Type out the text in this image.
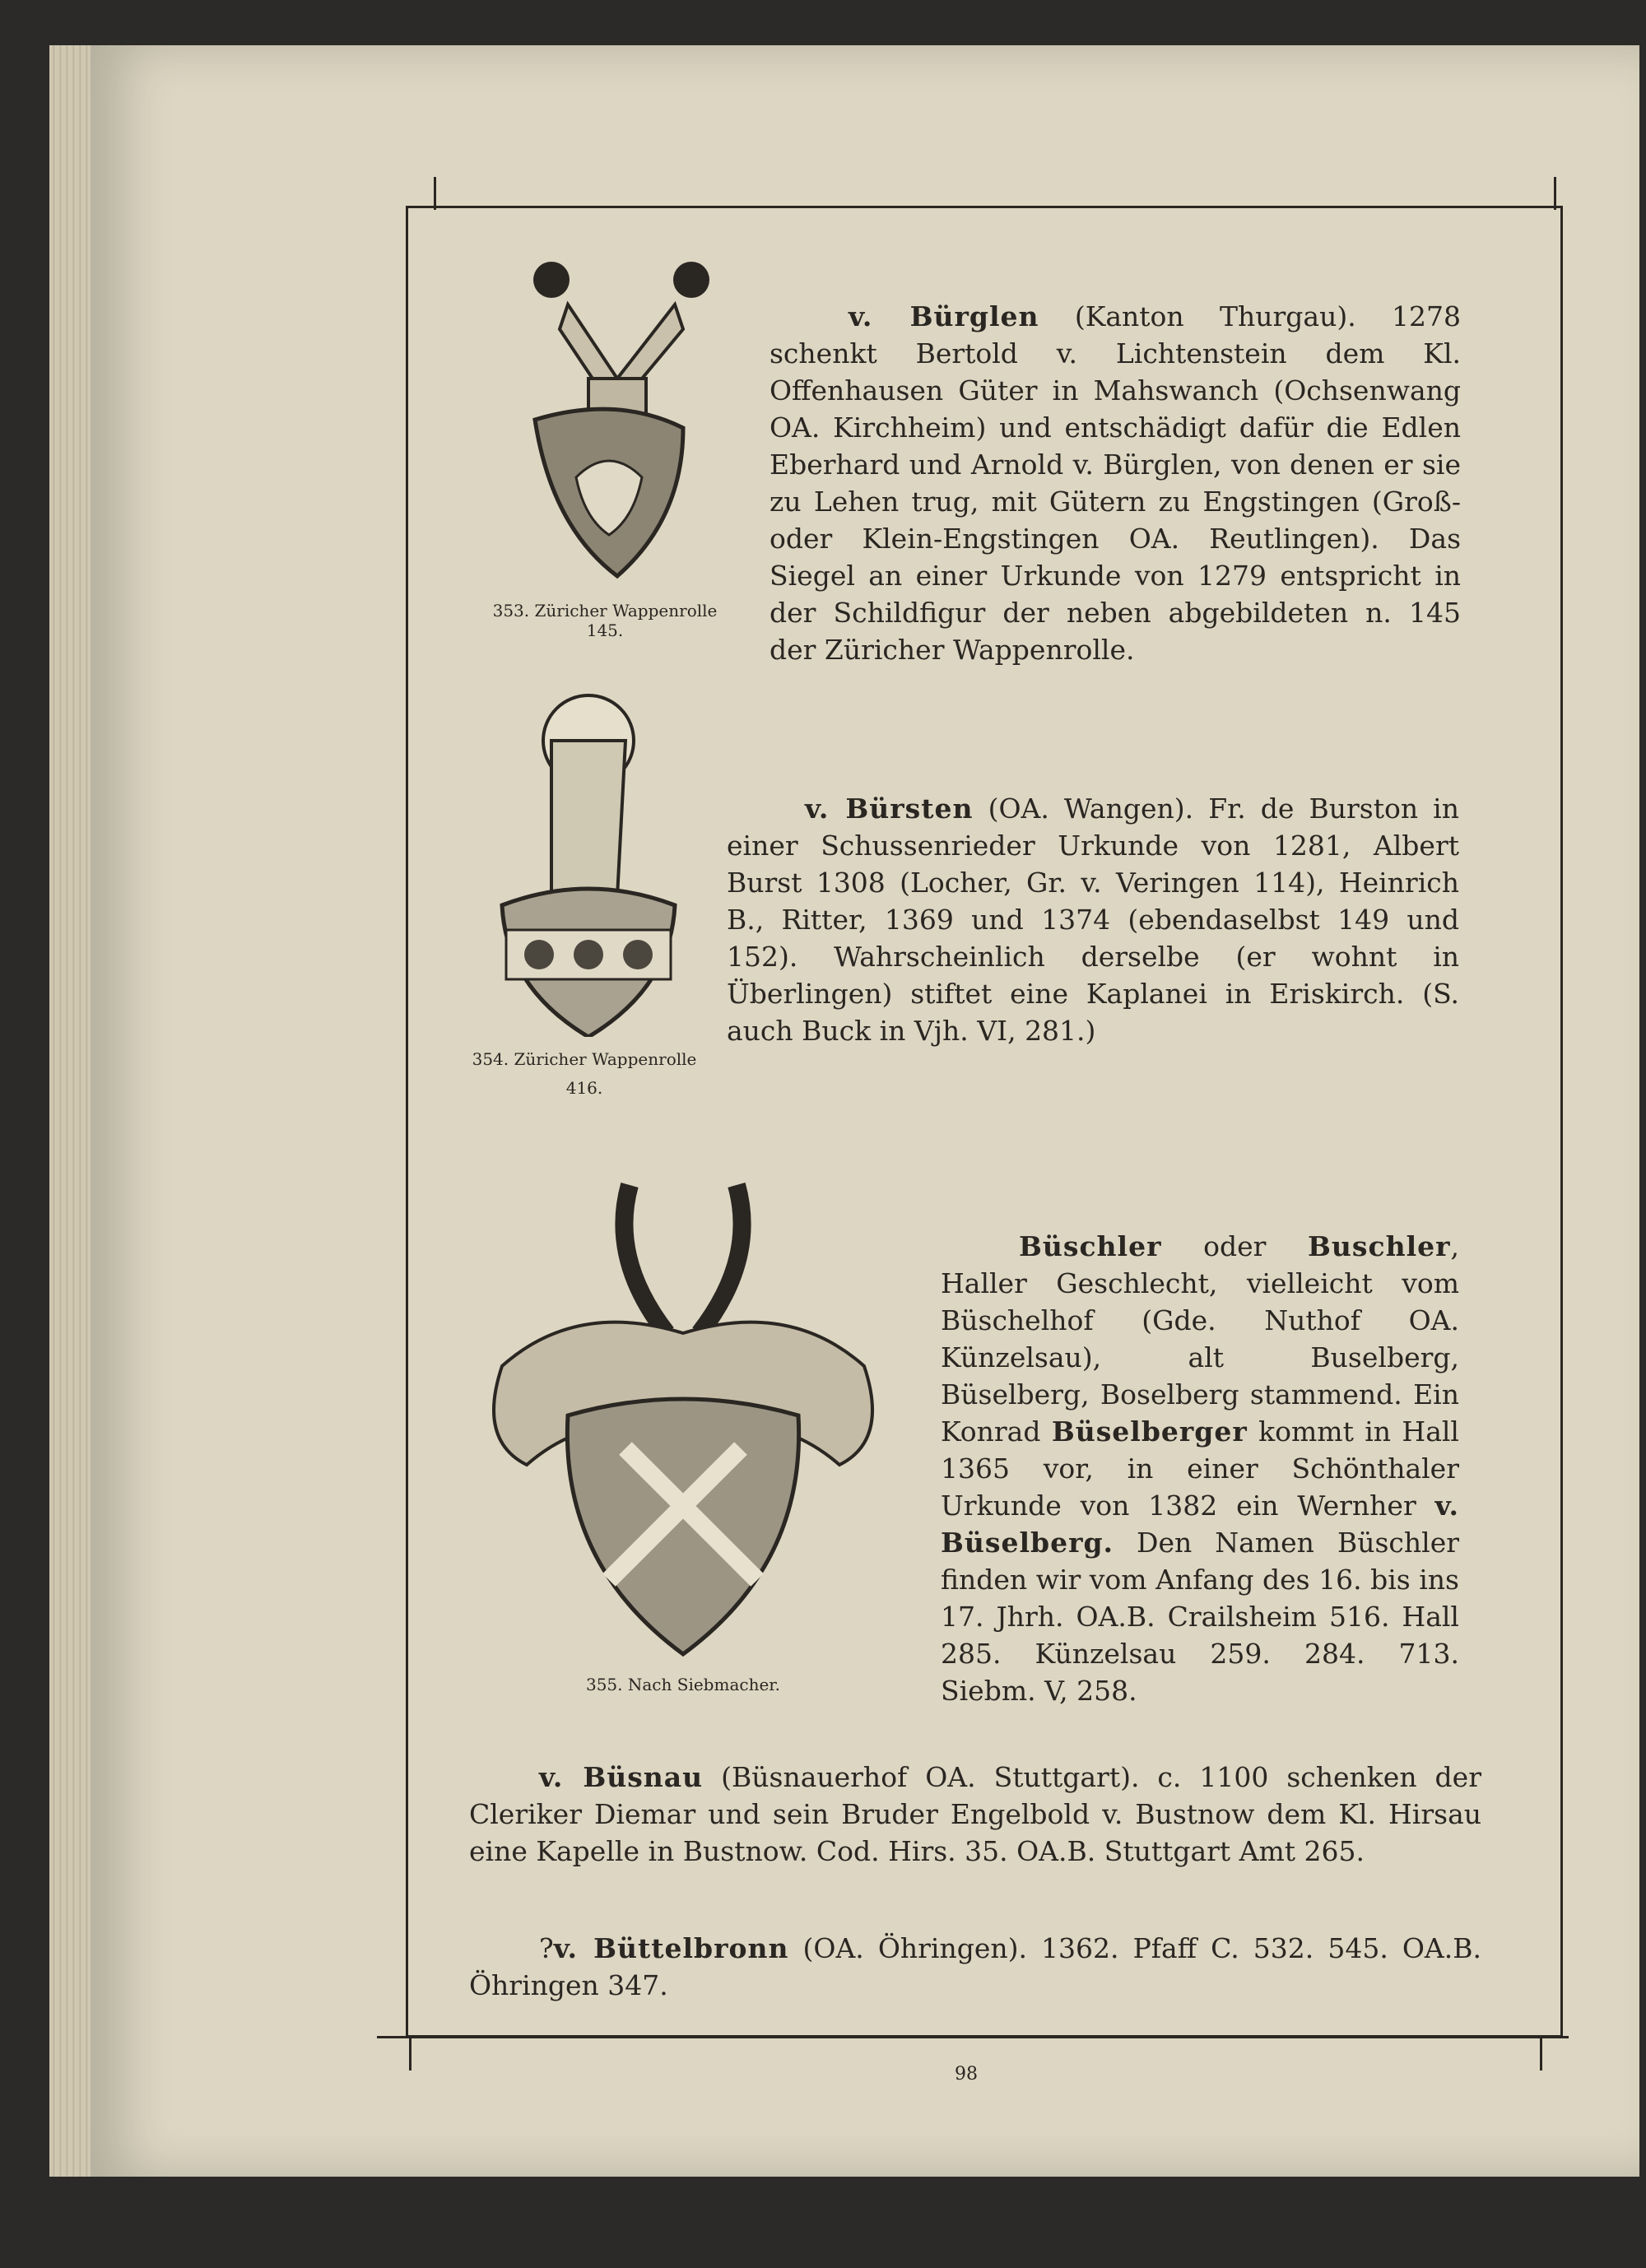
353. Züricher Wappenrolle 145.
354. Züricher Wappenrolle
416.
355. Nach Siebmacher.
v. Bürglen (Kanton Thurgau). 1278 schenkt Bertold v. Lichtenstein dem Kl. Offenhausen Güter in Mahswanch (Ochsenwang OA. Kirchheim) und entschädigt dafür die Edlen Eberhard und Arnold v. Bürglen, von denen er sie zu Lehen trug, mit Gütern zu Engstingen (Groß- oder Klein-Engstingen OA. Reutlingen). Das Siegel an einer Urkunde von 1279 entspricht in der Schildfigur der neben abgebildeten n. 145 der Züricher Wappenrolle.
v. Bürsten (OA. Wangen). Fr. de Burston in einer Schussenrieder Urkunde von 1281, Albert Burst 1308 (Locher, Gr. v. Veringen 114), Heinrich B., Ritter, 1369 und 1374 (ebendaselbst 149 und 152). Wahrscheinlich derselbe (er wohnt in Überlingen) stiftet eine Kaplanei in Eriskirch. (S. auch Buck in Vjh. VI, 281.)
Büschler oder Buschler, Haller Geschlecht, vielleicht vom Büschelhof (Gde. Nuthof OA. Künzelsau), alt Buselberg, Büselberg, Boselberg stammend. Ein Konrad Büselberger kommt in Hall 1365 vor, in einer Schönthaler Urkunde von 1382 ein Wernher v. Büselberg. Den Namen Büschler finden wir vom Anfang des 16. bis ins 17. Jhrh. OA.B. Crailsheim 516. Hall 285. Künzelsau 259. 284. 713. Siebm. V, 258.
v. Büsnau (Büsnauerhof OA. Stuttgart). c. 1100 schenken der Cleriker Diemar und sein Bruder Engelbold v. Bustnow dem Kl. Hirsau eine Kapelle in Bustnow. Cod. Hirs. 35. OA.B. Stuttgart Amt 265.
?v. Büttelbronn (OA. Öhringen). 1362. Pfaff C. 532. 545. OA.B. Öhringen 347.
98
